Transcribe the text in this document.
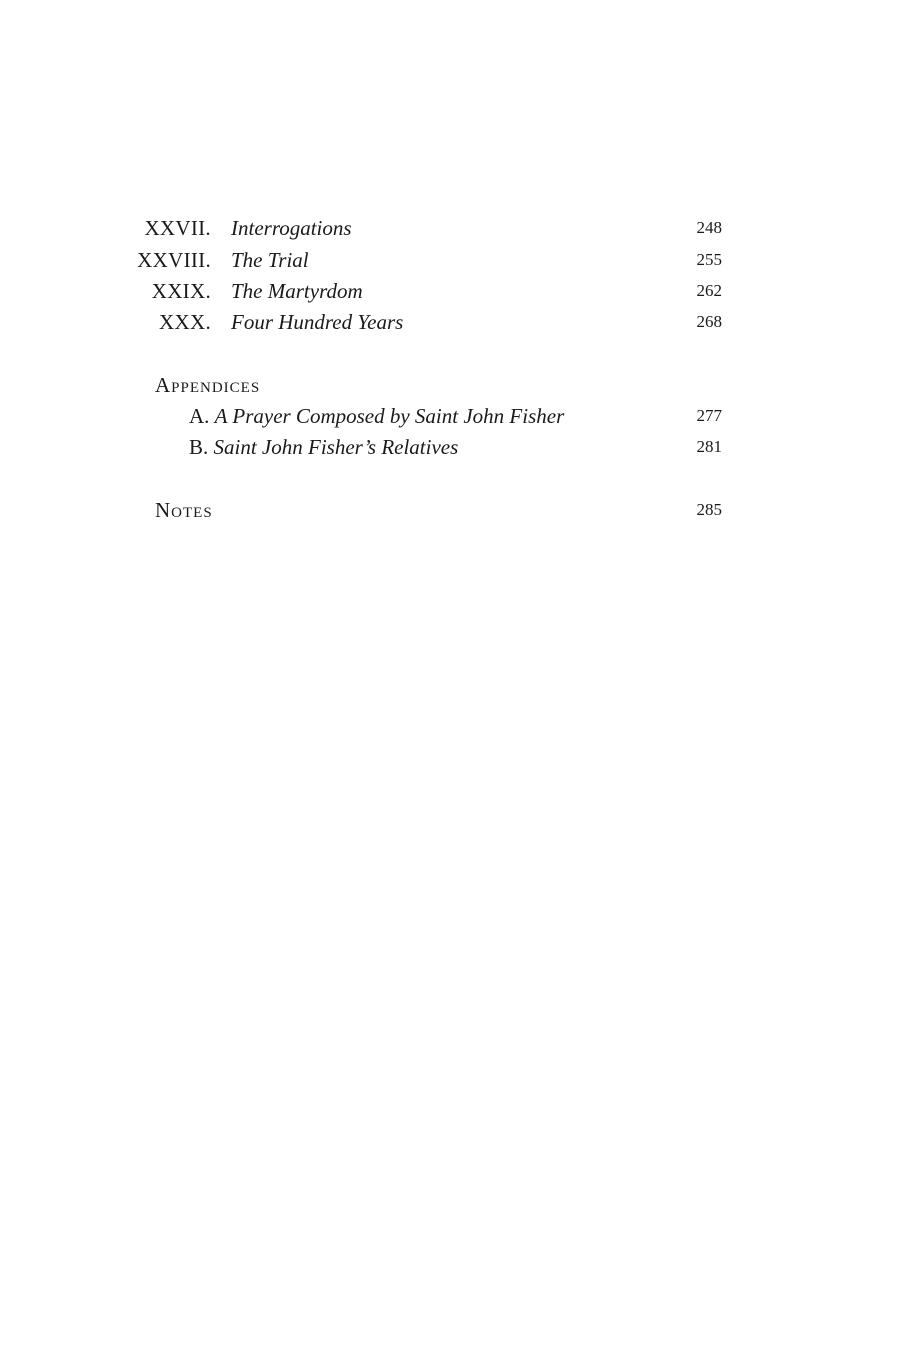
XXVII. Interrogations	248
XXVIII. The Trial	255
XXIX. The Martyrdom	262
XXX. Four Hundred Years	268
Appendices
A. A Prayer Composed by Saint John Fisher	277
B. Saint John Fisher’s Relatives	281
Notes	285
